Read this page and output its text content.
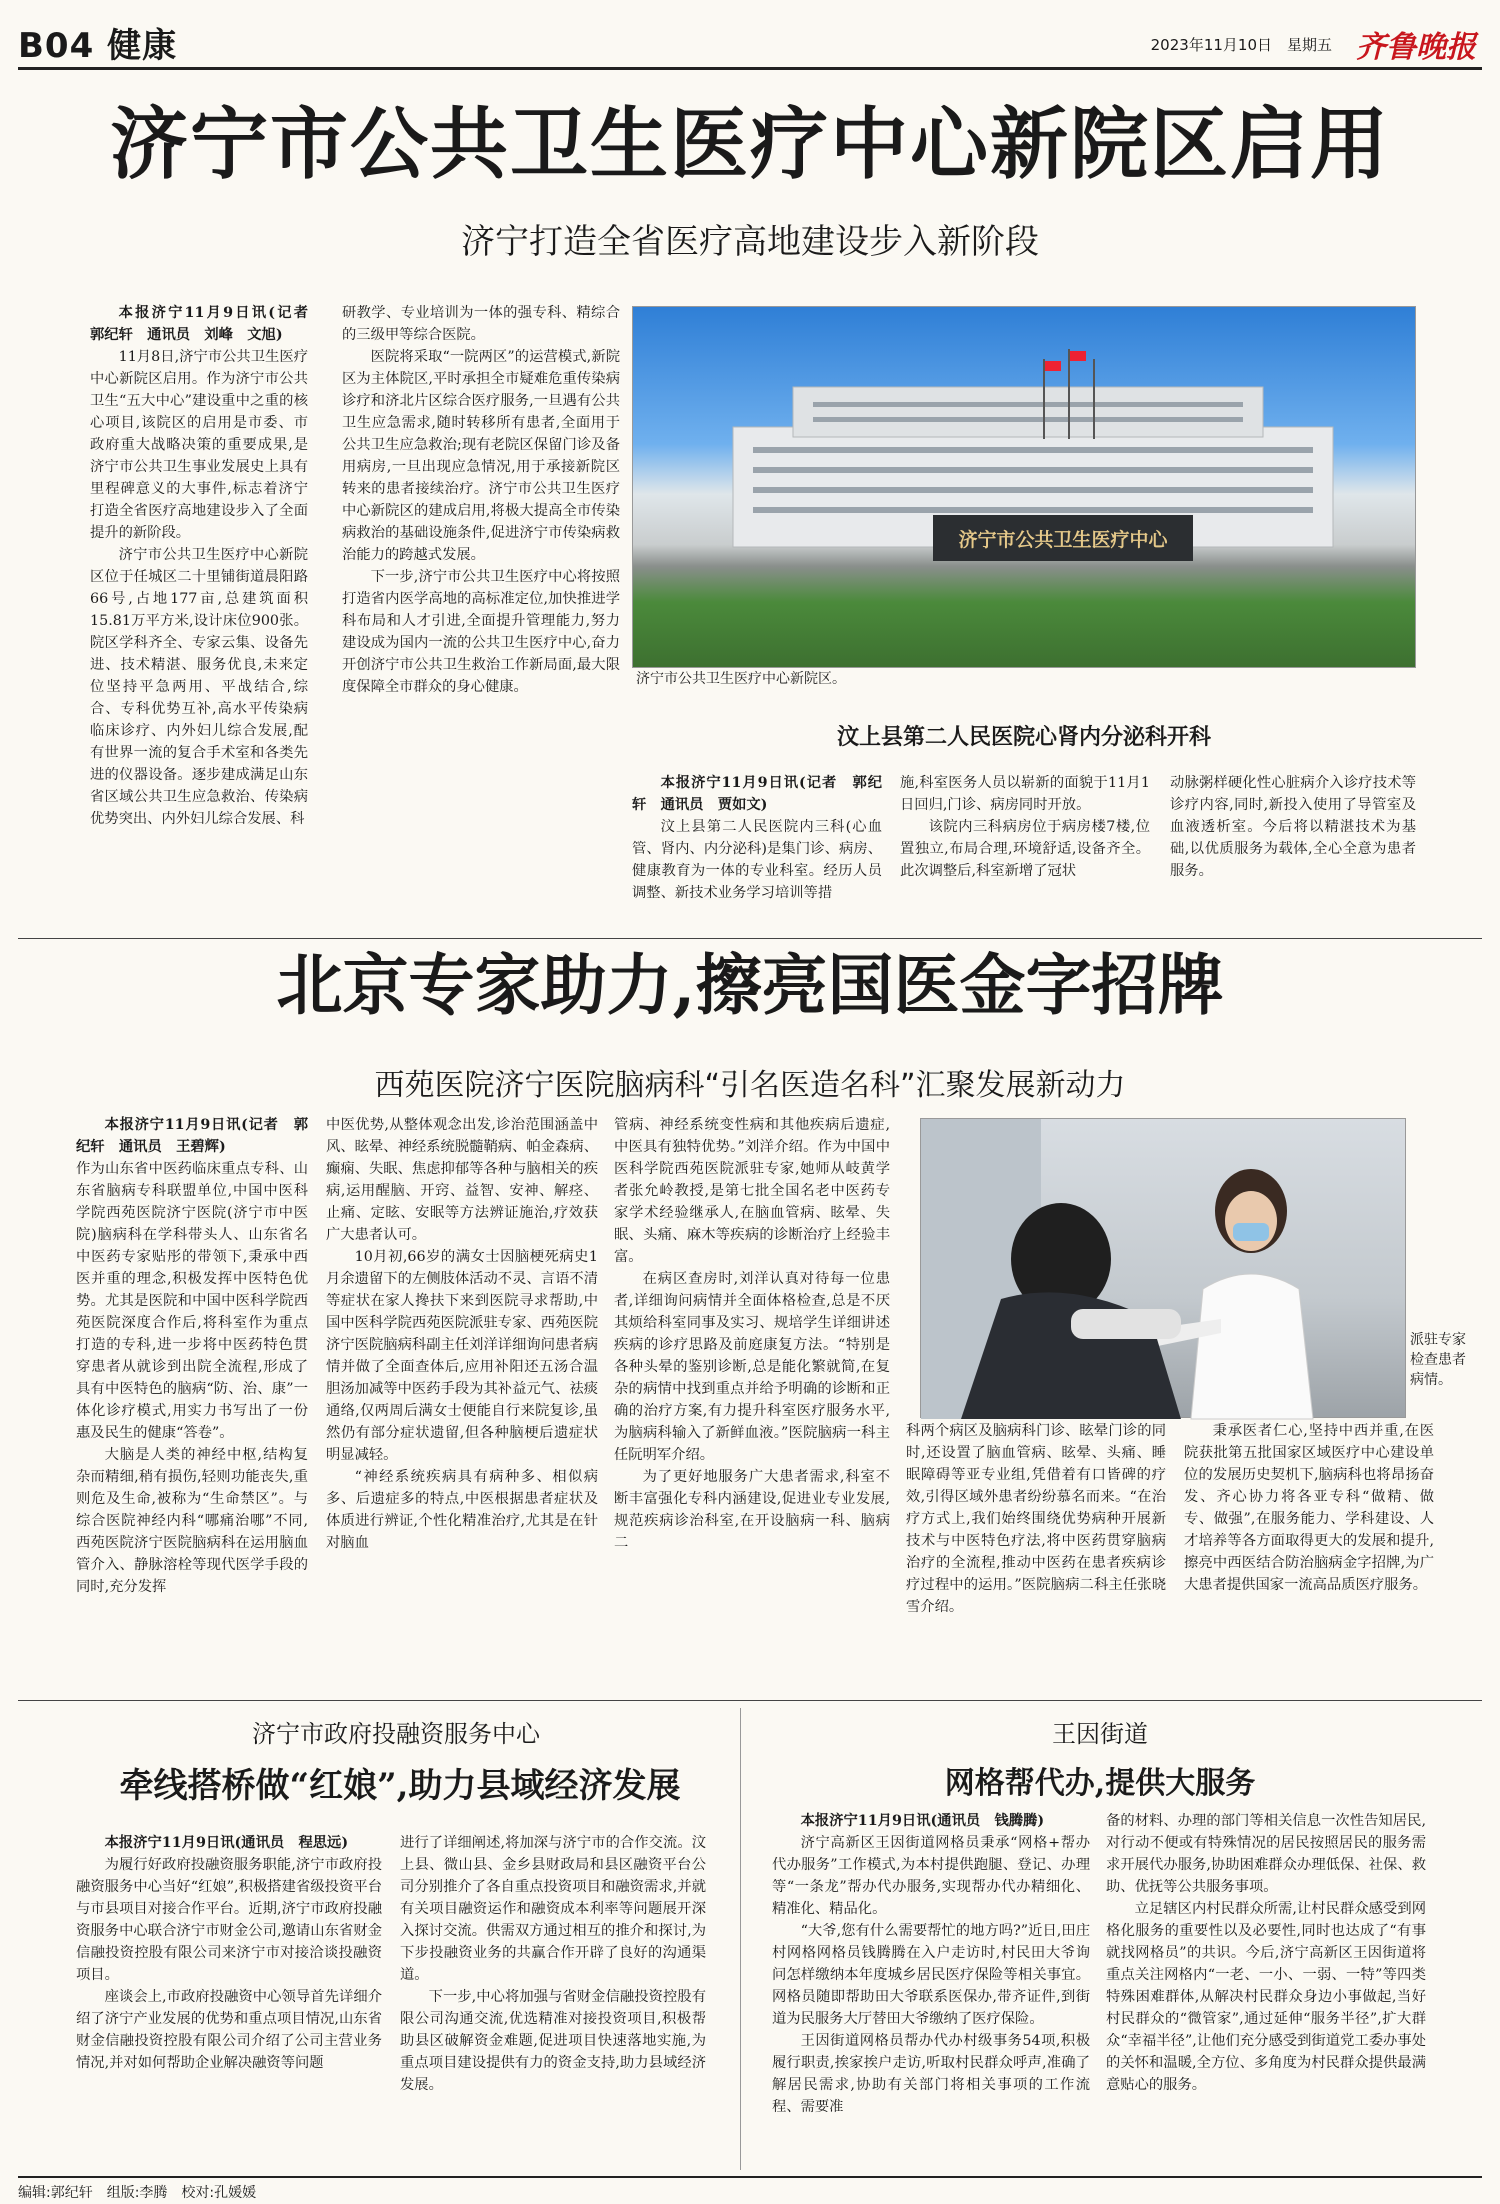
B04 健康	2023年11月10日　星期五 齐鲁晚报
济宁市公共卫生医疗中心新院区启用
济宁打造全省医疗高地建设步入新阶段

本报济宁11月9日讯(记者　郭纪轩　通讯员　刘峰　文旭)

11月8日,济宁市公共卫生医疗中心新院区启用。作为济宁市公共卫生“五大中心”建设重中之重的核心项目,该院区的启用是市委、市政府重大战略决策的重要成果,是济宁市公共卫生事业发展史上具有里程碑意义的大事件,标志着济宁打造全省医疗高地建设步入了全面提升的新阶段。

济宁市公共卫生医疗中心新院区位于任城区二十里铺街道晨阳路66号,占地177亩,总建筑面积15.81万平方米,设计床位900张。院区学科齐全、专家云集、设备先进、技术精湛、服务优良,未来定位坚持平急两用、平战结合,综合、专科优势互补,高水平传染病临床诊疗、内外妇儿综合发展,配有世界一流的复合手术室和各类先进的仪器设备。逐步建成满足山东省区域公共卫生应急救治、传染病优势突出、内外妇儿综合发展、科

研教学、专业培训为一体的强专科、精综合的三级甲等综合医院。

医院将采取“一院两区”的运营模式,新院区为主体院区,平时承担全市疑难危重传染病诊疗和济北片区综合医疗服务,一旦遇有公共卫生应急需求,随时转移所有患者,全面用于公共卫生应急救治;现有老院区保留门诊及备用病房,一旦出现应急情况,用于承接新院区转来的患者接续治疗。济宁市公共卫生医疗中心新院区的建成启用,将极大提高全市传染病救治的基础设施条件,促进济宁市传染病救治能力的跨越式发展。

下一步,济宁市公共卫生医疗中心将按照打造省内医学高地的高标准定位,加快推进学科布局和人才引进,全面提升管理能力,努力建设成为国内一流的公共卫生医疗中心,奋力开创济宁市公共卫生救治工作新局面,最大限度保障全市群众的身心健康。

济宁市公共卫生医疗中心
济宁市公共卫生医疗中心新院区。
汶上县第二人民医院心肾内分泌科开科

本报济宁11月9日讯(记者　郭纪轩　通讯员　贾如文)

汶上县第二人民医院内三科(心血管、肾内、内分泌科)是集门诊、病房、健康教育为一体的专业科室。经历人员调整、新技术业务学习培训等措

施,科室医务人员以崭新的面貌于11月1日回归,门诊、病房同时开放。

该院内三科病房位于病房楼7楼,位置独立,布局合理,环境舒适,设备齐全。此次调整后,科室新增了冠状

动脉粥样硬化性心脏病介入诊疗技术等诊疗内容,同时,新投入使用了导管室及血液透析室。今后将以精湛技术为基础,以优质服务为载体,全心全意为患者服务。

北京专家助力,擦亮国医金字招牌
西苑医院济宁医院脑病科“引名医造名科”汇聚发展新动力

本报济宁11月9日讯(记者　郭纪轩　通讯员　王碧辉)

作为山东省中医药临床重点专科、山东省脑病专科联盟单位,中国中医科学院西苑医院济宁医院(济宁市中医院)脑病科在学科带头人、山东省名中医药专家贴彤的带领下,秉承中西医并重的理念,积极发挥中医特色优势。尤其是医院和中国中医科学院西苑医院深度合作后,将科室作为重点打造的专科,进一步将中医药特色贯穿患者从就诊到出院全流程,形成了具有中医特色的脑病“防、治、康”一体化诊疗模式,用实力书写出了一份惠及民生的健康“答卷”。

大脑是人类的神经中枢,结构复杂而精细,稍有损伤,轻则功能丧失,重则危及生命,被称为“生命禁区”。与综合医院神经内科“哪痛治哪”不同,西苑医院济宁医院脑病科在运用脑血管介入、静脉溶栓等现代医学手段的同时,充分发挥

中医优势,从整体观念出发,诊治范围涵盖中风、眩晕、神经系统脱髓鞘病、帕金森病、癫痫、失眠、焦虑抑郁等各种与脑相关的疾病,运用醒脑、开窍、益智、安神、解痉、止痛、定眩、安眠等方法辨证施治,疗效获广大患者认可。

10月初,66岁的满女士因脑梗死病史1月余遗留下的左侧肢体活动不灵、言语不清等症状在家人搀扶下来到医院寻求帮助,中国中医科学院西苑医院派驻专家、西苑医院济宁医院脑病科副主任刘洋详细询问患者病情并做了全面查体后,应用补阳还五汤合温胆汤加减等中医药手段为其补益元气、祛痰通络,仅两周后满女士便能自行来院复诊,虽然仍有部分症状遗留,但各种脑梗后遗症状明显减轻。

“神经系统疾病具有病种多、相似病多、后遗症多的特点,中医根据患者症状及体质进行辨证,个性化精准治疗,尤其是在针对脑血

管病、神经系统变性病和其他疾病后遗症,中医具有独特优势。”刘洋介绍。作为中国中医科学院西苑医院派驻专家,她师从岐黄学者张允岭教授,是第七批全国名老中医药专家学术经验继承人,在脑血管病、眩晕、失眠、头痛、麻木等疾病的诊断治疗上经验丰富。

在病区查房时,刘洋认真对待每一位患者,详细询问病情并全面体格检查,总是不厌其烦给科室同事及实习、规培学生详细讲述疾病的诊疗思路及前庭康复方法。“特别是各种头晕的鉴别诊断,总是能化繁就简,在复杂的病情中找到重点并给予明确的诊断和正确的治疗方案,有力提升科室医疗服务水平,为脑病科输入了新鲜血液。”医院脑病一科主任阮明军介绍。

为了更好地服务广大患者需求,科室不断丰富强化专科内涵建设,促进业专业发展,规范疾病诊治科室,在开设脑病一科、脑病二

派驻专家检查患者病情。

科两个病区及脑病科门诊、眩晕门诊的同时,还设置了脑血管病、眩晕、头痛、睡眠障碍等亚专业组,凭借着有口皆碑的疗效,引得区域外患者纷纷慕名而来。“在治疗方式上,我们始终围绕优势病种开展新技术与中医特色疗法,将中医药贯穿脑病治疗的全流程,推动中医药在患者疾病诊疗过程中的运用。”医院脑病二科主任张晓雪介绍。

秉承医者仁心,坚持中西并重,在医院获批第五批国家区域医疗中心建设单位的发展历史契机下,脑病科也将昂扬奋发、齐心协力将各亚专科“做精、做专、做强”,在服务能力、学科建设、人才培养等各方面取得更大的发展和提升,擦亮中西医结合防治脑病金字招牌,为广大患者提供国家一流高品质医疗服务。

济宁市政府投融资服务中心
牵线搭桥做“红娘”,助力县域经济发展

本报济宁11月9日讯(通讯员　程思远)

为履行好政府投融资服务职能,济宁市政府投融资服务中心当好“红娘”,积极搭建省级投资平台与市县项目对接合作平台。近期,济宁市政府投融资服务中心联合济宁市财金公司,邀请山东省财金信融投资控股有限公司来济宁市对接洽谈投融资项目。

座谈会上,市政府投融资中心领导首先详细介绍了济宁产业发展的优势和重点项目情况,山东省财金信融投资控股有限公司介绍了公司主营业务情况,并对如何帮助企业解决融资等问题

进行了详细阐述,将加深与济宁市的合作交流。汶上县、微山县、金乡县财政局和县区融资平台公司分别推介了各自重点投资项目和融资需求,并就有关项目融资运作和融资成本利率等问题展开深入探讨交流。供需双方通过相互的推介和探讨,为下步投融资业务的共赢合作开辟了良好的沟通渠道。

下一步,中心将加强与省财金信融投资控股有限公司沟通交流,优选精准对接投资项目,积极帮助县区破解资金难题,促进项目快速落地实施,为重点项目建设提供有力的资金支持,助力县域经济发展。

王因街道
网格帮代办,提供大服务

本报济宁11月9日讯(通讯员　钱腾腾)

济宁高新区王因街道网格员秉承“网格+帮办代办服务”工作模式,为本村提供跑腿、登记、办理等“一条龙”帮办代办服务,实现帮办代办精细化、精准化、精品化。

“大爷,您有什么需要帮忙的地方吗?”近日,田庄村网格网格员钱腾腾在入户走访时,村民田大爷询问怎样缴纳本年度城乡居民医疗保险等相关事宜。网格员随即帮助田大爷联系医保办,带齐证件,到街道为民服务大厅替田大爷缴纳了医疗保险。

王因街道网格员帮办代办村级事务54项,积极履行职责,挨家挨户走访,听取村民群众呼声,准确了解居民需求,协助有关部门将相关事项的工作流程、需要准

备的材料、办理的部门等相关信息一次性告知居民,对行动不便或有特殊情况的居民按照居民的服务需求开展代办服务,协助困难群众办理低保、社保、救助、优抚等公共服务事项。

立足辖区内村民群众所需,让村民群众感受到网格化服务的重要性以及必要性,同时也达成了“有事就找网格员”的共识。今后,济宁高新区王因街道将重点关注网格内“一老、一小、一弱、一特”等四类特殊困难群体,从解决村民群众身边小事做起,当好村民群众的“微管家”,通过延伸“服务半径”,扩大群众“幸福半径”,让他们充分感受到街道党工委办事处的关怀和温暖,全方位、多角度为村民群众提供最满意贴心的服务。

编辑:郭纪轩　组版:李腾　校对:孔媛媛
